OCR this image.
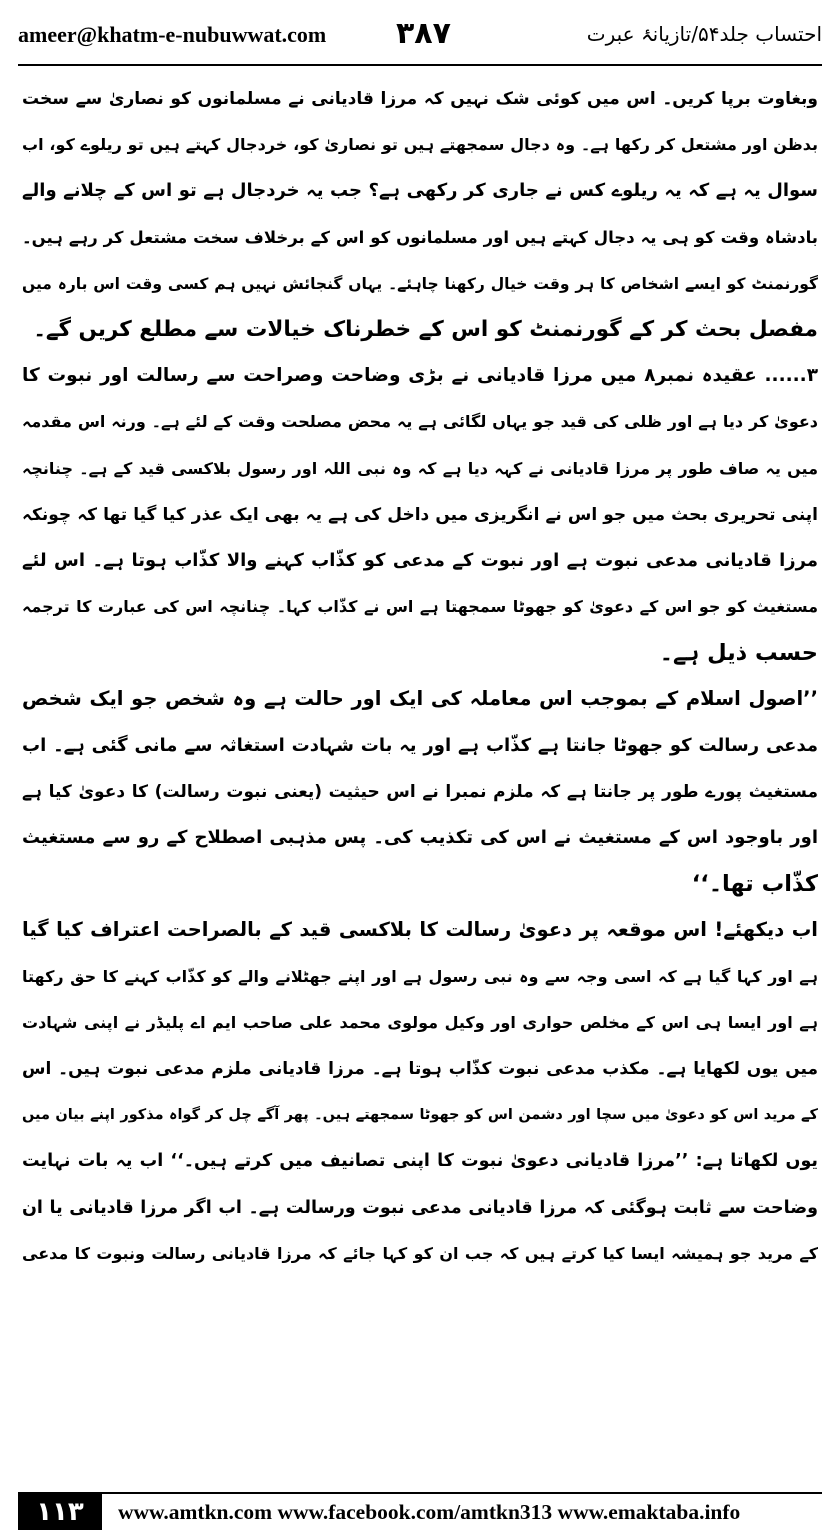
ameer@khatm-e-nubuwwat.com ۳۸۷	احتساب جلد۵۴/تازیانۂ عبرت
وبغاوت برپا کریں۔ اس میں کوئی شک نہیں کہ مرزا قادیانی نے مسلمانوں کو نصاریٰ سے سخت
بدظن اور مشتعل کر رکھا ہے۔ وہ دجال سمجھتے ہیں تو نصاریٰ کو، خردجال کہتے ہیں تو ریلوے کو، اب
سوال یہ ہے کہ یہ ریلوے کس نے جاری کر رکھی ہے؟ جب یہ خردجال ہے تو اس کے چلانے والے
بادشاہ وقت کو ہی یہ دجال کہتے ہیں اور مسلمانوں کو اس کے برخلاف سخت مشتعل کر رہے ہیں۔
گورنمنٹ کو ایسے اشخاص کا ہر وقت خیال رکھنا چاہئے۔ یہاں گنجائش نہیں ہم کسی وقت اس بارہ میں
مفصل بحث کر کے گورنمنٹ کو اس کے خطرناک خیالات سے مطلع کریں گے۔
۳...... عقیدہ نمبر۸ میں مرزا قادیانی نے بڑی وضاحت وصراحت سے رسالت اور نبوت کا
دعویٰ کر دیا ہے اور ظلی کی قید جو یہاں لگائی ہے یہ محض مصلحت وقت کے لئے ہے۔ ورنہ اس مقدمہ
میں یہ صاف طور پر مرزا قادیانی نے کہہ دیا ہے کہ وہ نبی اللہ اور رسول بلاکسی قید کے ہے۔ چنانچہ
اپنی تحریری بحث میں جو اس نے انگریزی میں داخل کی ہے یہ بھی ایک عذر کیا گیا تھا کہ چونکہ
مرزا قادیانی مدعی نبوت ہے اور نبوت کے مدعی کو کذّاب کہنے والا کذّاب ہوتا ہے۔ اس لئے
مستغیث کو جو اس کے دعویٰ کو جھوٹا سمجھتا ہے اس نے کذّاب کہا۔ چنانچہ اس کی عبارت کا ترجمہ
حسب ذیل ہے۔
’’اصول اسلام کے بموجب اس معاملہ کی ایک اور حالت ہے وہ شخص جو ایک شخص
مدعی رسالت کو جھوٹا جانتا ہے کذّاب ہے اور یہ بات شہادت استغاثہ سے مانی گئی ہے۔ اب
مستغیث پورے طور پر جانتا ہے کہ ملزم نمبرا نے اس حیثیت (یعنی نبوت رسالت) کا دعویٰ کیا ہے
اور باوجود اس کے مستغیث نے اس کی تکذیب کی۔ پس مذہبی اصطلاح کے رو سے مستغیث
کذّاب تھا۔‘‘
اب دیکھئے! اس موقعہ پر دعویٰ رسالت کا بلاکسی قید کے بالصراحت اعتراف کیا گیا
ہے اور کہا گیا ہے کہ اسی وجہ سے وہ نبی رسول ہے اور اپنے جھٹلانے والے کو کذّاب کہنے کا حق رکھتا
ہے اور ایسا ہی اس کے مخلص حواری اور وکیل مولوی محمد علی صاحب ایم اے پلیڈر نے اپنی شہادت
میں یوں لکھایا ہے۔ مکذب مدعی نبوت کذّاب ہوتا ہے۔ مرزا قادیانی ملزم مدعی نبوت ہیں۔ اس
کے مرید اس کو دعویٰ میں سچا اور دشمن اس کو جھوٹا سمجھتے ہیں۔ پھر آگے چل کر گواہ مذکور اپنے بیان میں
یوں لکھاتا ہے: ’’مرزا قادیانی دعویٰ نبوت کا اپنی تصانیف میں کرتے ہیں۔‘‘ اب یہ بات نہایت
وضاحت سے ثابت ہوگئی کہ مرزا قادیانی مدعی نبوت ورسالت ہے۔ اب اگر مرزا قادیانی یا ان
کے مرید جو ہمیشہ ایسا کیا کرتے ہیں کہ جب ان کو کہا جائے کہ مرزا قادیانی رسالت ونبوت کا مدعی
۱۱۳	www.amtkn.com www.facebook.com/amtkn313 www.emaktaba.info
